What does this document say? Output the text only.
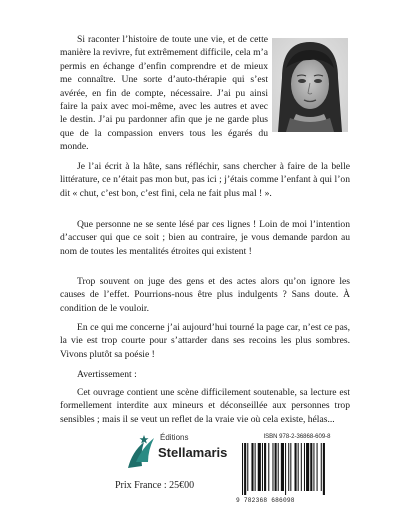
Si raconter l’histoire de toute une vie, et de cette manière la revivre, fut extrêmement difficile, cela m’a permis en échange d’enfin comprendre et de mieux me connaître. Une sorte d’auto-thérapie qui s’est avérée, en fin de compte, nécessaire. J’ai pu ainsi faire la paix avec moi-même, avec les autres et avec le destin. J’ai pu pardonner afin que je ne garde plus que de la compassion envers tous les égarés du monde.

Je l’ai écrit à la hâte, sans réfléchir, sans chercher à faire de la belle littérature, ce n’était pas mon but, pas ici ; j’étais comme l’enfant à qui l’on dit « chut, c’est bon, c’est fini, cela ne fait plus mal ! ».

Que personne ne se sente lésé par ces lignes ! Loin de moi l’intention d’accuser qui que ce soit ; bien au contraire, je vous demande pardon au nom de toutes les mentalités étroites qui existent !

Trop souvent on juge des gens et des actes alors qu’on ignore les causes de l’effet. Pourrions-nous être plus indulgents ? Sans doute. À condition de le vouloir.

En ce qui me concerne j’ai aujourd’hui tourné la page car, n’est ce pas, la vie est trop courte pour s’attarder dans ses recoins les plus sombres. Vivons plutôt sa poésie !

Avertissement :

Cet ouvrage contient une scène difficilement soutenable, sa lecture est formellement interdite aux mineurs et déconseillée aux personnes trop sensibles ; mais il se veut un reflet de la vraie vie où cela existe, hélas...

Éditions
Stellamaris
Prix France : 25€00
ISBN 978-2-36868-609-8
9 782368 686098
